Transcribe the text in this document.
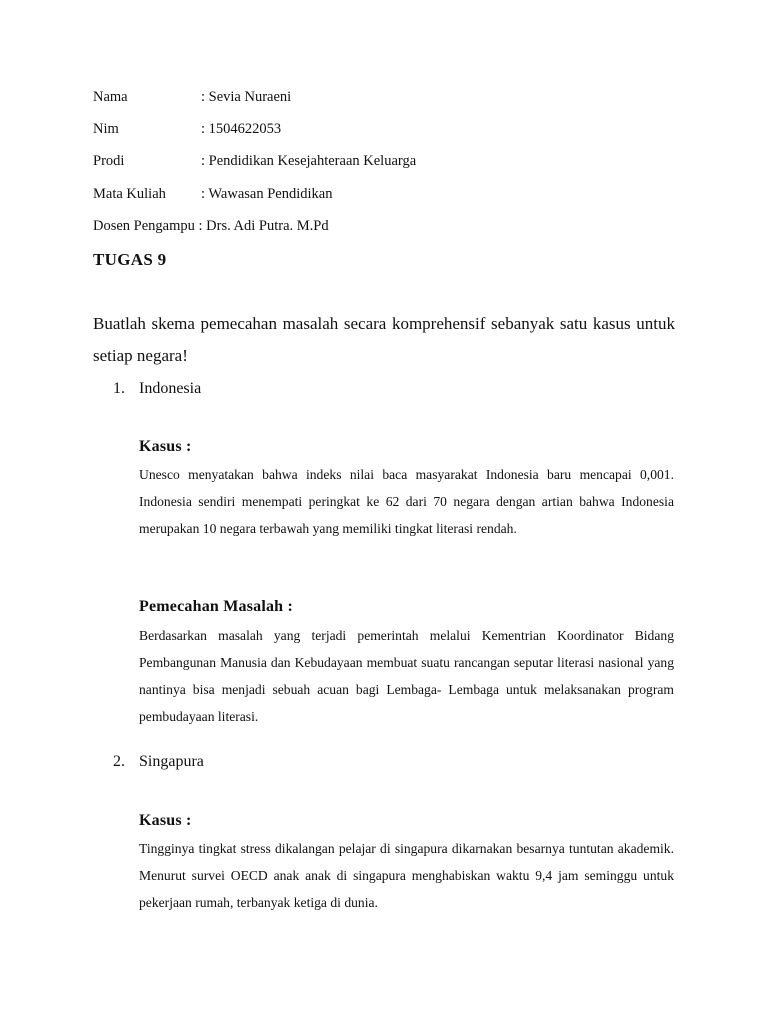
Nama	: Sevia Nuraeni
Nim	: 1504622053
Prodi	: Pendidikan Kesejahteraan Keluarga
Mata Kuliah : Wawasan Pendidikan
Dosen Pengampu : Drs. Adi Putra. M.Pd
TUGAS 9
Buatlah skema pemecahan masalah secara komprehensif sebanyak satu kasus untuk setiap negara!
1. Indonesia
Kasus :
Unesco menyatakan bahwa indeks nilai baca masyarakat Indonesia baru mencapai 0,001. Indonesia sendiri menempati peringkat ke 62 dari 70 negara dengan artian bahwa Indonesia merupakan 10 negara terbawah yang memiliki tingkat literasi rendah.
Pemecahan Masalah :
Berdasarkan masalah yang terjadi pemerintah melalui Kementrian Koordinator Bidang Pembangunan Manusia dan Kebudayaan membuat suatu rancangan seputar literasi nasional yang nantinya bisa menjadi sebuah acuan bagi Lembaga- Lembaga untuk melaksanakan program pembudayaan literasi.
2. Singapura
Kasus :
Tingginya tingkat stress dikalangan pelajar di singapura dikarnakan besarnya tuntutan akademik. Menurut survei OECD anak anak di singapura menghabiskan waktu 9,4 jam seminggu untuk pekerjaan rumah, terbanyak ketiga di dunia.
